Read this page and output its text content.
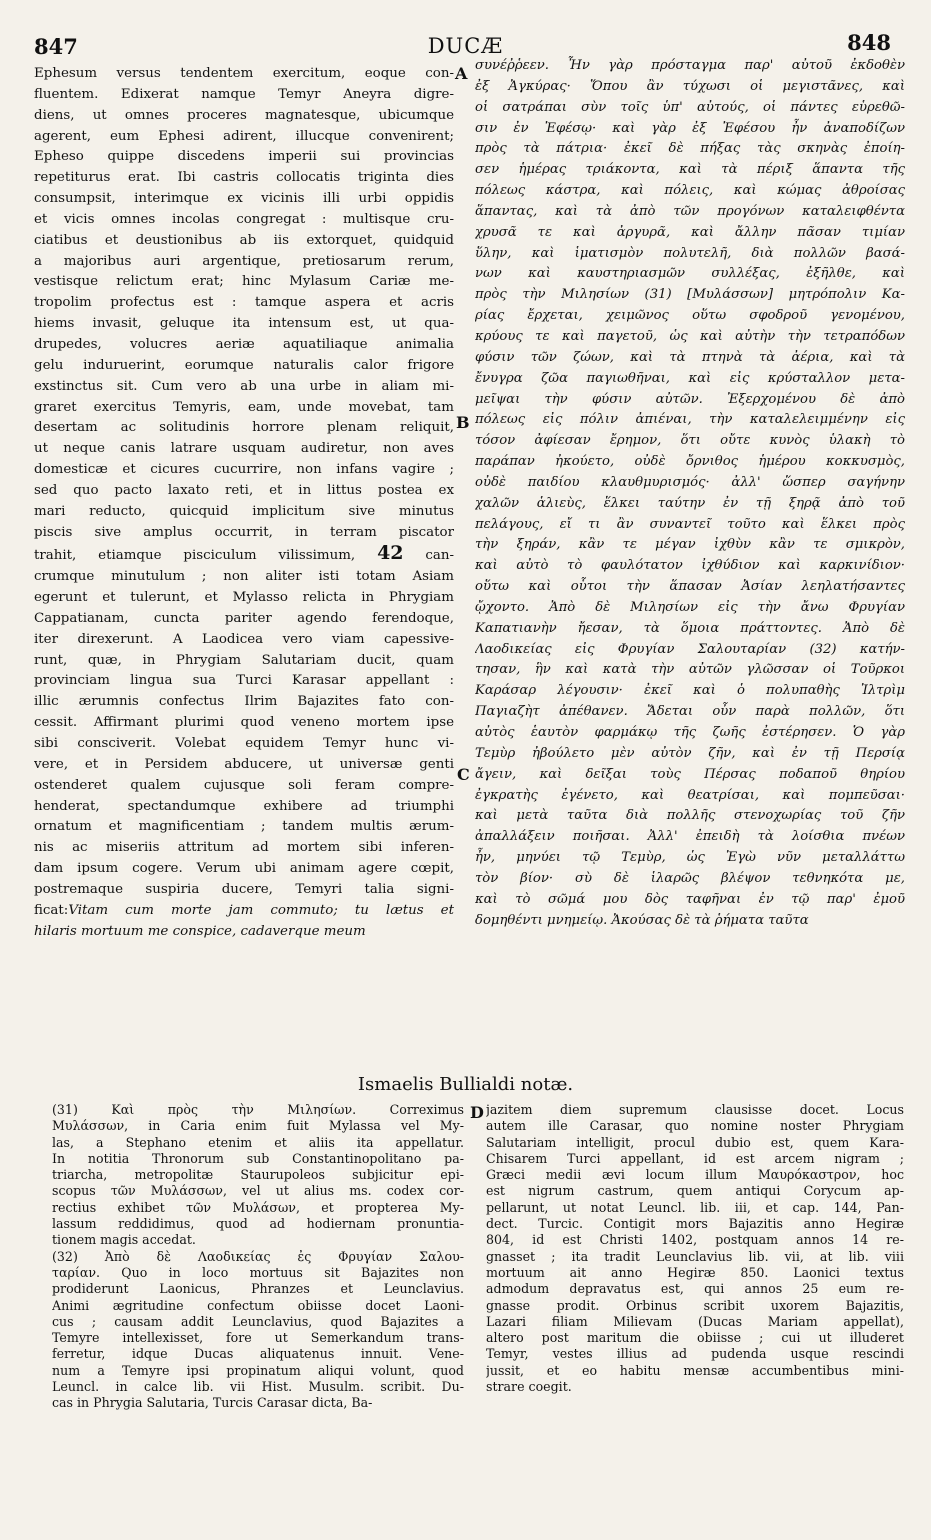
847	DUCÆ	848
A
B
C
D
Ephesum versus tendentem exercitum, eoque con-
fluentem. Edixerat namque Temyr Aneyra digre-
diens, ut omnes proceres magnatesque, ubicumque
agerent, eum Ephesi adirent, illucque convenirent;
Epheso quippe discedens imperii sui provincias
repetiturus erat. Ibi castris collocatis triginta dies
consumpsit, interimque ex vicinis illi urbi oppidis
et vicis omnes incolas congregat : multisque cru-
ciatibus et deustionibus ab iis extorquet, quidquid
a majoribus auri argentique, pretiosarum rerum,
vestisque relictum erat; hinc Mylasum Cariæ me-
tropolim profectus est : tamque aspera et acris
hiems invasit, geluque ita intensum est, ut qua-
drupedes, volucres aeriæ aquatiliaque animalia
gelu induruerint, eorumque naturalis calor frigore
exstinctus sit. Cum vero ab una urbe in aliam mi-
graret exercitus Temyris, eam, unde movebat, tam
desertam ac solitudinis horrore plenam reliquit,
ut neque canis latrare usquam audiretur, non aves
domesticæ et cicures cucurrire, non infans vagire ;
sed quo pacto laxato reti, et in littus postea ex
mari reducto, quicquid implicitum sive minutus
piscis sive amplus occurrit, in terram piscator
trahit, etiamque pisciculum vilissimum, 42 can-
crumque minutulum ; non aliter isti totam Asiam
egerunt et tulerunt, et Mylasso relicta in Phrygiam
Cappatianam, cuncta pariter agendo ferendoque,
iter direxerunt. A Laodicea vero viam capessive-
runt, quæ, in Phrygiam Salutariam ducit, quam
provinciam lingua sua Turci Karasar appellant :
illic ærumnis confectus Ilrim Bajazites fato con-
cessit. Affirmant plurimi quod veneno mortem ipse
sibi consciverit. Volebat equidem Temyr hunc vi-
vere, et in Persidem abducere, ut universæ genti
ostenderet qualem cujusque soli feram compre-
henderat, spectandumque exhibere ad triumphi
ornatum et magnificentiam ; tandem multis ærum-
nis ac miseriis attritum ad mortem sibi inferen-
dam ipsum cogere. Verum ubi animam agere cœpit,
postremaque suspiria ducere, Temyri talia signi-
ficat:Vitam cum morte jam commuto; tu lætus et
hilaris mortuum me conspice, cadaverque meum
συνέῤῥεεν. Ἦν γὰρ πρόσταγμα παρ' αὐτοῦ ἐκδοθὲν
ἐξ Ἀγκύρας· Ὅπου ἂν τύχωσι οἱ μεγιστᾶνες, καὶ
οἱ σατράπαι σὺν τοῖς ὑπ' αὐτούς, οἱ πάντες εὑρεθῶ-
σιν ἐν Ἐφέσῳ· καὶ γὰρ ἐξ Ἐφέσου ἦν ἀναποδίζων
πρὸς τὰ πάτρια· ἐκεῖ δὲ πήξας τὰς σκηνὰς ἐποίη-
σεν ἡμέρας τριάκοντα, καὶ τὰ πέριξ ἅπαντα τῆς
πόλεως κάστρα, καὶ πόλεις, καὶ κώμας ἀθροίσας
ἅπαντας, καὶ τὰ ἀπὸ τῶν προγόνων καταλειφθέντα
χρυσᾶ τε καὶ ἀργυρᾶ, καὶ ἄλλην πᾶσαν τιμίαν
ὕλην, καὶ ἱματισμὸν πολυτελῆ, διὰ πολλῶν βασά-
νων καὶ καυστηριασμῶν συλλέξας, ἐξῆλθε, καὶ
πρὸς τὴν Μιλησίων (31) [Μυλάσσων] μητρόπολιν Κα-
ρίας ἔρχεται, χειμῶνος οὕτω σφοδροῦ γενομένου,
κρύους τε καὶ παγετοῦ, ὡς καὶ αὐτὴν τὴν τετραπόδων
φύσιν τῶν ζώων, καὶ τὰ πτηνὰ τὰ ἀέρια, καὶ τὰ
ἔνυγρα ζῶα παγιωθῆναι, καὶ εἰς κρύσταλλον μετα-
μεῖψαι τὴν φύσιν αὐτῶν. Ἐξερχομένου δὲ ἀπὸ
πόλεως εἰς πόλιν ἀπιέναι, τὴν καταλελειμμένην εἰς
τόσον ἀφίεσαν ἔρημον, ὅτι οὔτε κυνὸς ὑλακὴ τὸ
παράπαν ἠκούετο, οὐδὲ ὄρνιθος ἡμέρου κοκκυσμὸς,
οὐδὲ παιδίου κλαυθμυρισμός· ἀλλ' ὥσπερ σαγήνην
χαλῶν ἁλιεὺς, ἕλκει ταύτην ἐν τῇ ξηρᾷ ἀπὸ τοῦ
πελάγους, εἴ τι ἂν συναντεῖ τοῦτο καὶ ἕλκει πρὸς
τὴν ξηράν, κἂν τε μέγαν ἰχθὺν κἂν τε σμικρὸν,
καὶ αὐτὸ τὸ φαυλότατον ἰχθύδιον καὶ καρκινίδιον·
οὕτω καὶ οὗτοι τὴν ἅπασαν Ἀσίαν λεηλατήσαντες
ᾤχοντο. Ἀπὸ δὲ Μιλησίων εἰς τὴν ἄνω Φρυγίαν
Καπατιανὴν ἤεσαν, τὰ ὅμοια πράττοντες. Ἀπὸ δὲ
Λαοδικείας εἰς Φρυγίαν Σαλουταρίαν (32) κατήν-
τησαν, ἣν καὶ κατὰ τὴν αὐτῶν γλῶσσαν οἱ Τοῦρκοι
Καράσαρ λέγουσιν· ἐκεῖ καὶ ὁ πολυπαθὴς Ἰλτρὶμ
Παγιαζὴτ ἀπέθανεν. Ἄδεται οὖν παρὰ πολλῶν, ὅτι
αὐτὸς ἑαυτὸν φαρμάκῳ τῆς ζωῆς ἐστέρησεν. Ὁ γὰρ
Τεμὺρ ἠβούλετο μὲν αὐτὸν ζῆν, καὶ ἐν τῇ Περσίᾳ
ἄγειν, καὶ δεῖξαι τοὺς Πέρσας ποδαποῦ θηρίου
ἐγκρατὴς ἐγένετο, καὶ θεατρίσαι, καὶ πομπεῦσαι·
καὶ μετὰ ταῦτα διὰ πολλῆς στενοχωρίας τοῦ ζῆν
ἀπαλλάξειν ποιῆσαι. Ἀλλ' ἐπειδὴ τὰ λοίσθια πνέων
ἦν, μηνύει τῷ Τεμὺρ, ὡς Ἐγὼ νῦν μεταλλάττω
τὸν βίον· σὺ δὲ ἱλαρῶς βλέψον τεθνηκότα με,
καὶ τὸ σῶμά μου δὸς ταφῆναι ἐν τῷ παρ' ἐμοῦ
δομηθέντι μνημείῳ. Ἀκούσας δὲ τὰ ῥήματα ταῦτα
Ismaelis Bullialdi notæ.
(31) Καὶ πρὸς τὴν Μιλησίων. Correximus
Μυλάσσων, in Caria enim fuit Mylassa vel My-
las, a Stephano etenim et aliis ita appellatur.
In notitia Thronorum sub Constantinopolitano pa-
triarcha, metropolitæ Staurupoleos subjicitur epi-
scopus τῶν Μυλάσσων, vel ut alius ms. codex cor-
rectius exhibet τῶν Μυλάσων, et propterea My-
lassum reddidimus, quod ad hodiernam pronuntia-
tionem magis accedat.
(32) Ἀπὸ δὲ Λαοδικείας ἐς Φρυγίαν Σαλου-
ταρίαν. Quo in loco mortuus sit Bajazites non
prodiderunt Laonicus, Phranzes et Leunclavius.
Animi ægritudine confectum obiisse docet Laoni-
cus ; causam addit Leunclavius, quod Bajazites a
Temyre intellexisset, fore ut Semerkandum trans-
ferretur, idque Ducas aliquatenus innuit. Vene-
num a Temyre ipsi propinatum aliqui volunt, quod
Leuncl. in calce lib. vii Hist. Musulm. scribit. Du-
cas in Phrygia Salutaria, Turcis Carasar dicta, Ba-
jazitem diem supremum clausisse docet. Locus
autem ille Carasar, quo nomine noster Phrygiam
Salutariam intelligit, procul dubio est, quem Kara-
Chisarem Turci appellant, id est arcem nigram ;
Græci medii ævi locum illum Μαυρόκαστρον, hoc
est nigrum castrum, quem antiqui Corycum ap-
pellarunt, ut notat Leuncl. lib. iii, et cap. 144, Pan-
dect. Turcic. Contigit mors Bajazitis anno Hegiræ
804, id est Christi 1402, postquam annos 14 re-
gnasset ; ita tradit Leunclavius lib. vii, at lib. viii
mortuum ait anno Hegiræ 850. Laonici textus
admodum depravatus est, qui annos 25 eum re-
gnasse prodit. Orbinus scribit uxorem Bajazitis,
Lazari filiam Milievam (Ducas Mariam appellat),
altero post maritum die obiisse ; cui ut illuderet
Temyr, vestes illius ad pudenda usque rescindi
jussit, et eo habitu mensæ accumbentibus mini-
strare coegit.
